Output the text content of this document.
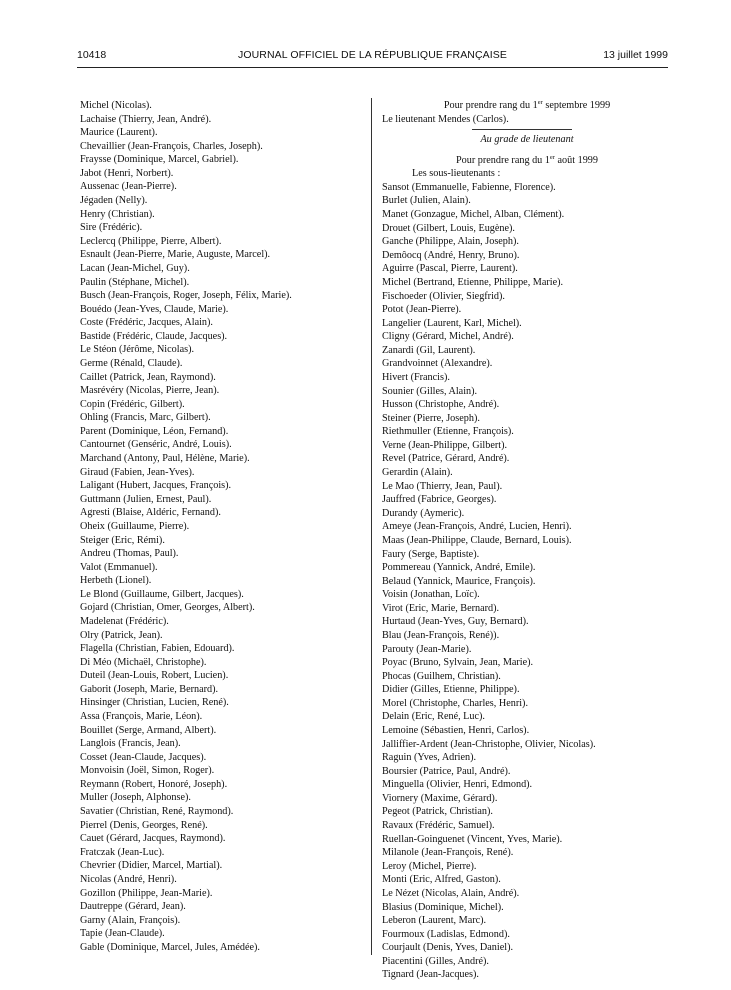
10418	JOURNAL OFFICIEL DE LA RÉPUBLIQUE FRANÇAISE	13 juillet 1999
Michel (Nicolas).
Lachaise (Thierry, Jean, André).
Maurice (Laurent).
Chevaillier (Jean-François, Charles, Joseph).
Fraysse (Dominique, Marcel, Gabriel).
Jabot (Henri, Norbert).
Aussenac (Jean-Pierre).
Jégaden (Nelly).
Henry (Christian).
Sire (Frédéric).
Leclercq (Philippe, Pierre, Albert).
Esnault (Jean-Pierre, Marie, Auguste, Marcel).
Lacan (Jean-Michel, Guy).
Paulin (Stéphane, Michel).
Busch (Jean-François, Roger, Joseph, Félix, Marie).
Bouédo (Jean-Yves, Claude, Marie).
Coste (Frédéric, Jacques, Alain).
Bastide (Frédéric, Claude, Jacques).
Le Stéon (Jérôme, Nicolas).
Germe (Rénald, Claude).
Caillet (Patrick, Jean, Raymond).
Masrévéry (Nicolas, Pierre, Jean).
Copin (Frédéric, Gilbert).
Ohling (Francis, Marc, Gilbert).
Parent (Dominique, Léon, Fernand).
Cantournet (Genséric, André, Louis).
Marchand (Antony, Paul, Hélène, Marie).
Giraud (Fabien, Jean-Yves).
Laligant (Hubert, Jacques, François).
Guttmann (Julien, Ernest, Paul).
Agresti (Blaise, Aldéric, Fernand).
Oheix (Guillaume, Pierre).
Steiger (Eric, Rémi).
Andreu (Thomas, Paul).
Valot (Emmanuel).
Herbeth (Lionel).
Le Blond (Guillaume, Gilbert, Jacques).
Gojard (Christian, Omer, Georges, Albert).
Madelenat (Frédéric).
Olry (Patrick, Jean).
Flagella (Christian, Fabien, Edouard).
Di Méo (Michaël, Christophe).
Duteil (Jean-Louis, Robert, Lucien).
Gaborit (Joseph, Marie, Bernard).
Hinsinger (Christian, Lucien, René).
Assa (François, Marie, Léon).
Bouillet (Serge, Armand, Albert).
Langlois (Francis, Jean).
Cosset (Jean-Claude, Jacques).
Monvoisin (Joël, Simon, Roger).
Reymann (Robert, Honoré, Joseph).
Muller (Joseph, Alphonse).
Savatier (Christian, René, Raymond).
Pierrel (Denis, Georges, René).
Cauet (Gérard, Jacques, Raymond).
Fratczak (Jean-Luc).
Chevrier (Didier, Marcel, Martial).
Nicolas (André, Henri).
Gozillon (Philippe, Jean-Marie).
Dautreppe (Gérard, Jean).
Garny (Alain, François).
Tapie (Jean-Claude).
Gable (Dominique, Marcel, Jules, Amédée).
Pour prendre rang du 1er septembre 1999
Le lieutenant Mendes (Carlos).
Au grade de lieutenant
Pour prendre rang du 1er août 1999
Les sous-lieutenants :
Sansot (Emmanuelle, Fabienne, Florence).
Burlet (Julien, Alain).
Manet (Gonzague, Michel, Alban, Clément).
Drouet (Gilbert, Louis, Eugène).
Ganche (Philippe, Alain, Joseph).
Demôocq (André, Henry, Bruno).
Aguirre (Pascal, Pierre, Laurent).
Michel (Bertrand, Etienne, Philippe, Marie).
Fischoeder (Olivier, Siegfrid).
Potot (Jean-Pierre).
Langelier (Laurent, Karl, Michel).
Cligny (Gérard, Michel, André).
Zanardi (Gil, Laurent).
Grandvoinnet (Alexandre).
Hivert (Francis).
Sounier (Gilles, Alain).
Husson (Christophe, André).
Steiner (Pierre, Joseph).
Riethmuller (Etienne, François).
Verne (Jean-Philippe, Gilbert).
Revel (Patrice, Gérard, André).
Gerardin (Alain).
Le Mao (Thierry, Jean, Paul).
Jauffred (Fabrice, Georges).
Durandy (Aymeric).
Ameye (Jean-François, André, Lucien, Henri).
Maas (Jean-Philippe, Claude, Bernard, Louis).
Faury (Serge, Baptiste).
Pommereau (Yannick, André, Emile).
Belaud (Yannick, Maurice, François).
Voisin (Jonathan, Loïc).
Virot (Eric, Marie, Bernard).
Hurtaud (Jean-Yves, Guy, Bernard).
Blau (Jean-François, René)).
Parouty (Jean-Marie).
Poyac (Bruno, Sylvain, Jean, Marie).
Phocas (Guilhem, Christian).
Didier (Gilles, Etienne, Philippe).
Morel (Christophe, Charles, Henri).
Delain (Eric, René, Luc).
Lemoine (Sébastien, Henri, Carlos).
Jalliffier-Ardent (Jean-Christophe, Olivier, Nicolas).
Raguin (Yves, Adrien).
Boursier (Patrice, Paul, André).
Minguella (Olivier, Henri, Edmond).
Viornery (Maxime, Gérard).
Pegeot (Patrick, Christian).
Ravaux (Frédéric, Samuel).
Ruellan-Goinguenet (Vincent, Yves, Marie).
Milanole (Jean-François, René).
Leroy (Michel, Pierre).
Monti (Eric, Alfred, Gaston).
Le Nézet (Nicolas, Alain, André).
Blasius (Dominique, Michel).
Leberon (Laurent, Marc).
Fourmoux (Ladislas, Edmond).
Courjault (Denis, Yves, Daniel).
Piacentini (Gilles, André).
Tignard (Jean-Jacques).
